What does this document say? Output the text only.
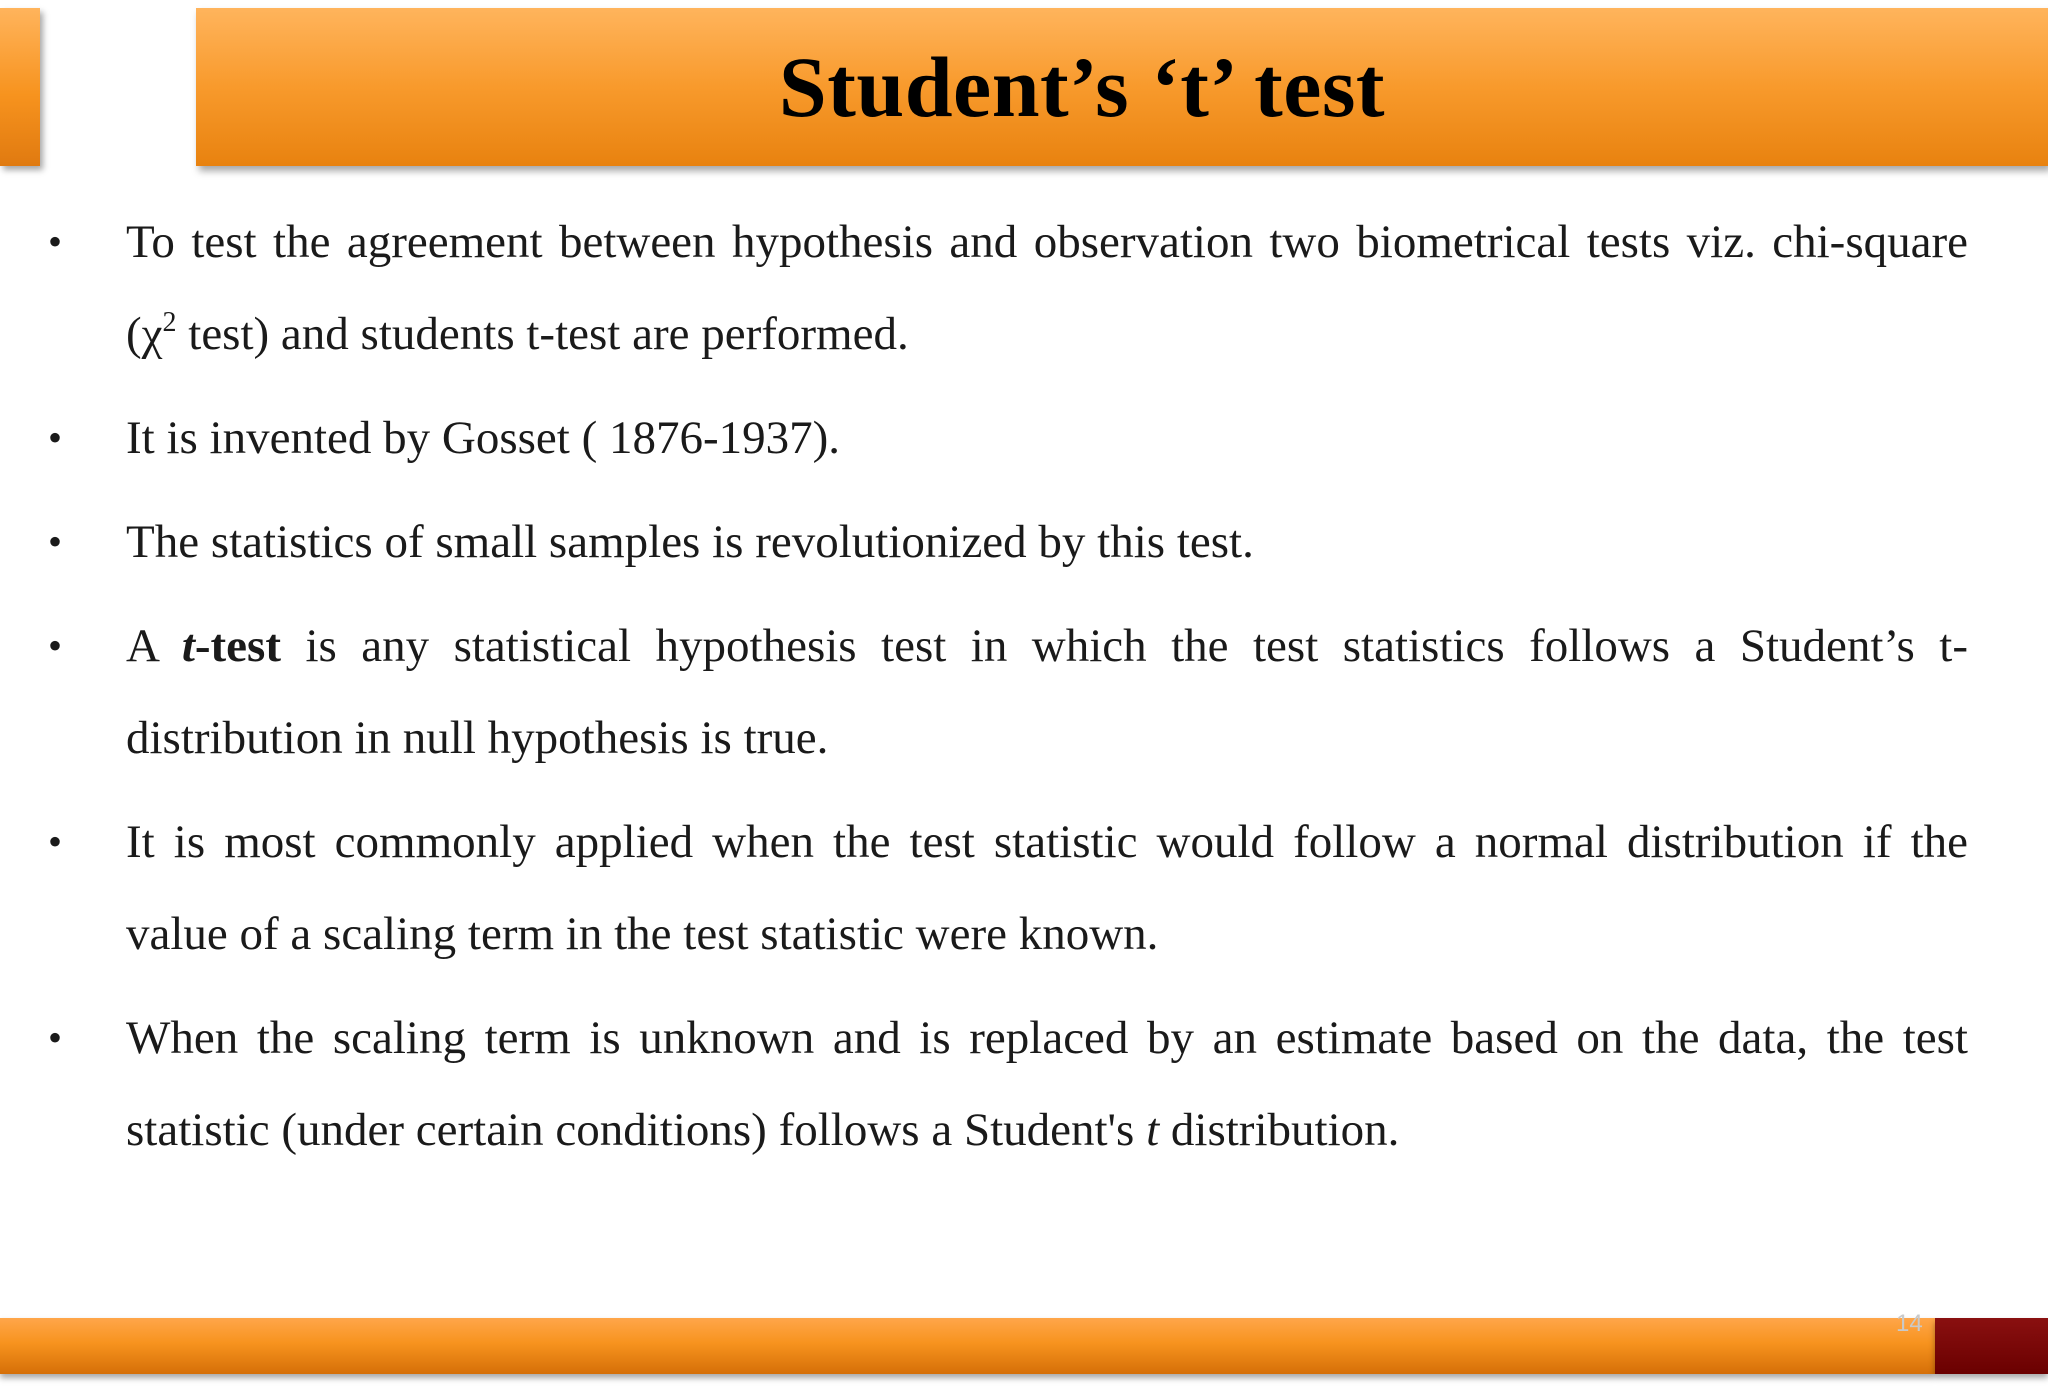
Student’s ‘t’ test
•	To test the agreement between hypothesis and observation two biometrical tests viz. chi-square ($\chi^2$ test) and students t-test are performed.
•	It is invented by Gosset ( 1876-1937).
•	The statistics of small samples is revolutionized by this test.
•	A t-test is any statistical hypothesis test in which the test statistics follows a Student’s t-distribution in null hypothesis is true.
•	It is most commonly applied when the test statistic would follow a normal distribution if the value of a scaling term in the test statistic were known.
•	When the scaling term is unknown and is replaced by an estimate based on the data, the test statistic (under certain conditions) follows a Student's t distribution.
14
